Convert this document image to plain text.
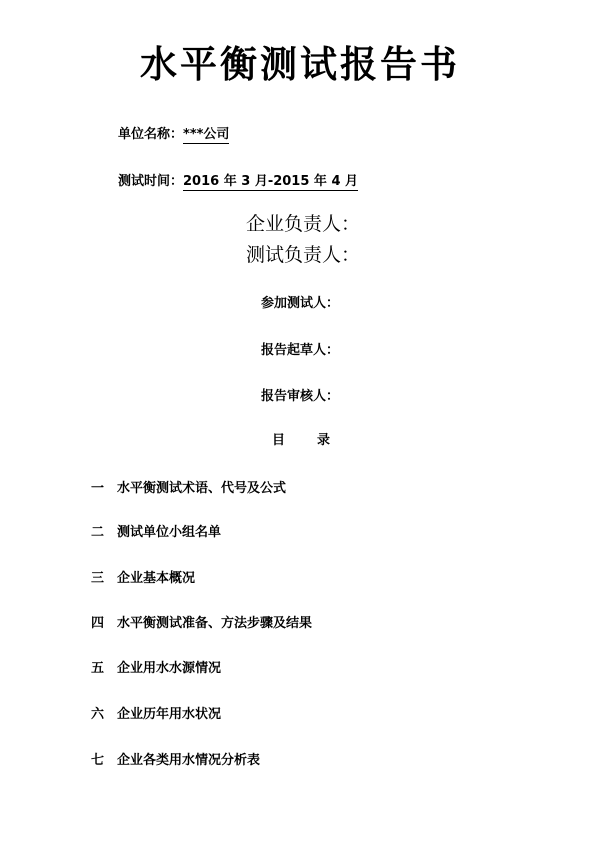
水平衡测试报告书
单位名称：***公司
测试时间：2016 年 3 月-2015 年 4 月
企业负责人：
测试负责人：
参加测试人：
报告起草人：
报告审核人：
目录
一 水平衡测试术语、代号及公式
二 测试单位小组名单
三 企业基本概况
四 水平衡测试准备、方法步骤及结果
五 企业用水水源情况
六 企业历年用水状况
七 企业各类用水情况分析表
